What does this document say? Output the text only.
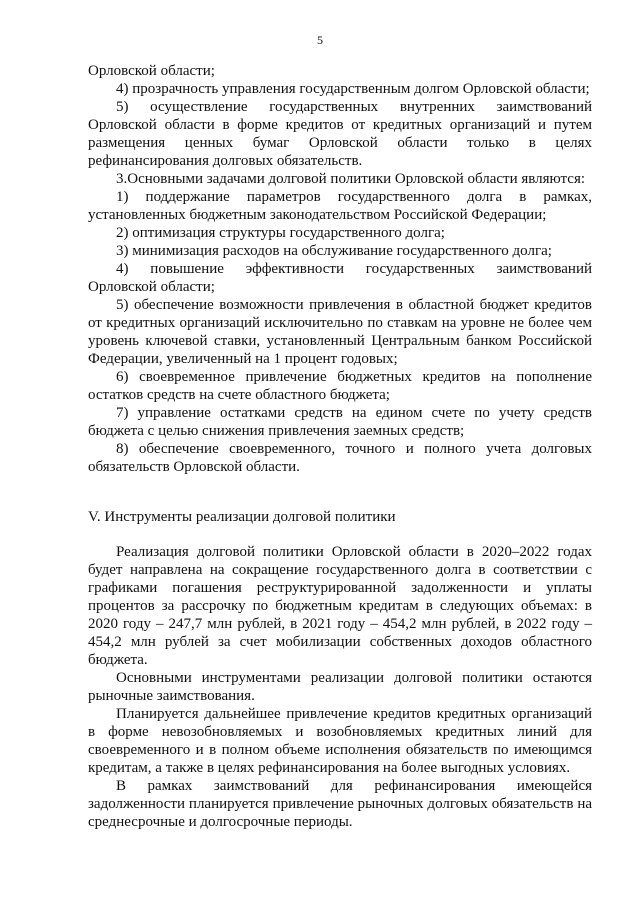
5

Орловской области;

4) прозрачность управления государственным долгом Орловской области;

5) осуществление государственных внутренних заимствований Орловской области в форме кредитов от кредитных организаций и путем размещения ценных бумаг Орловской области только в целях рефинансирования долговых обязательств.

3.Основными задачами долговой политики Орловской области являются:

1) поддержание параметров государственного долга в рамках, установленных бюджетным законодательством Российской Федерации;

2) оптимизация структуры государственного долга;

3) минимизация расходов на обслуживание государственного долга;

4) повышение эффективности государственных заимствований Орловской области;

5) обеспечение возможности привлечения в областной бюджет кредитов от кредитных организаций исключительно по ставкам на уровне не более чем уровень ключевой ставки, установленный Центральным банком Российской Федерации, увеличенный на 1 процент годовых;

6) своевременное привлечение бюджетных кредитов на пополнение остатков средств на счете областного бюджета;

7) управление остатками средств на едином счете по учету средств бюджета с целью снижения привлечения заемных средств;

8) обеспечение своевременного, точного и полного учета долговых обязательств Орловской области.

V. Инструменты реализации долговой политики

Реализация долговой политики Орловской области в 2020–2022 годах будет направлена на сокращение государственного долга в соответствии с графиками погашения реструктурированной задолженности и уплаты процентов за рассрочку по бюджетным кредитам в следующих объемах: в 2020 году – 247,7 млн рублей, в 2021 году – 454,2 млн рублей, в 2022 году – 454,2 млн рублей за счет мобилизации собственных доходов областного бюджета.

Основными инструментами реализации долговой политики остаются рыночные заимствования.

Планируется дальнейшее привлечение кредитов кредитных организаций в форме невозобновляемых и возобновляемых кредитных линий для своевременного и в полном объеме исполнения обязательств по имеющимся кредитам, а также в целях рефинансирования на более выгодных условиях.

В рамках заимствований для рефинансирования имеющейся задолженности планируется привлечение рыночных долговых обязательств на среднесрочные и долгосрочные периоды.
